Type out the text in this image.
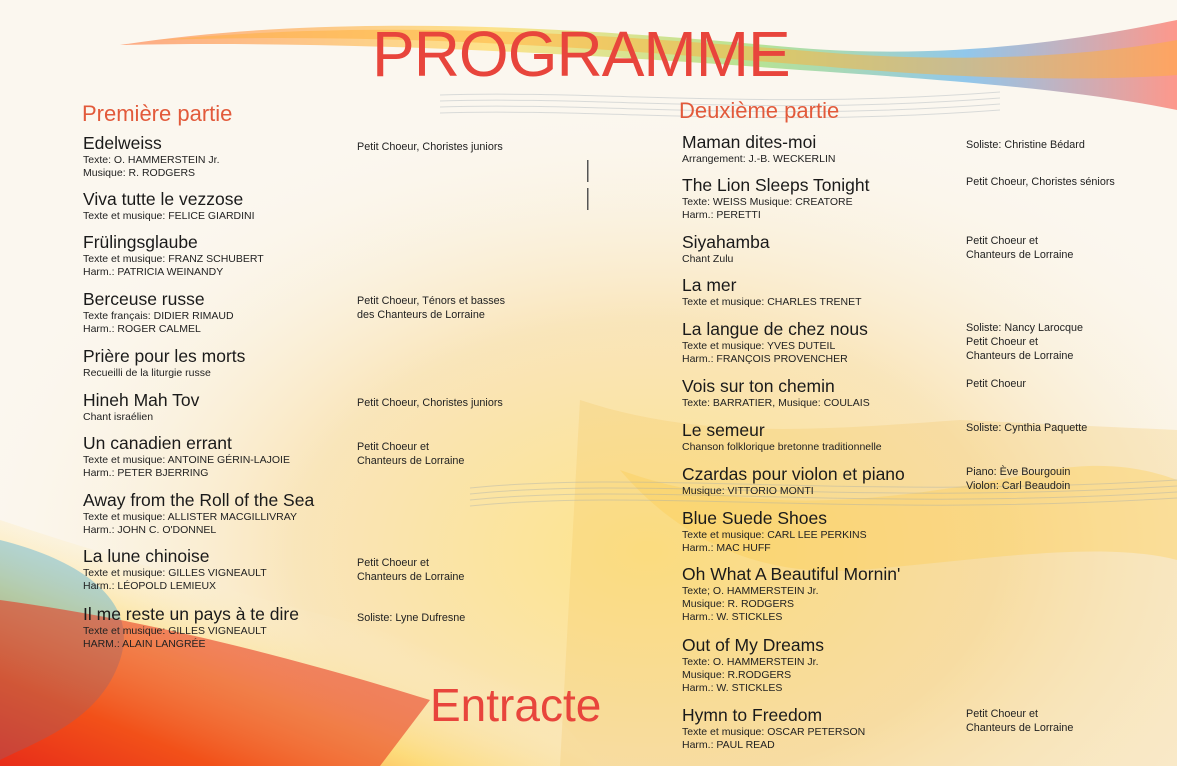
PROGRAMME
Entracte
Première partie	Deuxième partie
Edelweiss
Texte: O. HAMMERSTEIN Jr.
Musique: R. RODGERS
Petit Choeur, Choristes juniors
Viva tutte le vezzose
Texte et musique: FELICE GIARDINI
Frülingsglaube
Texte et musique: FRANZ SCHUBERT
Harm.: PATRICIA WEINANDY
Berceuse russe
Texte français: DIDIER RIMAUD
Harm.: ROGER CALMEL
Petit Choeur, Ténors et basses
des Chanteurs de Lorraine
Prière pour les morts
Recueilli de la liturgie russe
Hineh Mah Tov
Chant israélien
Petit Choeur, Choristes juniors
Un canadien errant
Texte et musique: ANTOINE GÉRIN-LAJOIE
Harm.: PETER BJERRING
Petit Choeur et
Chanteurs de Lorraine
Away from the Roll of the Sea
Texte et musique: ALLISTER MACGILLIVRAY
Harm.: JOHN C. O'DONNEL
La lune chinoise
Texte et musique: GILLES VIGNEAULT
Harm.: LÉOPOLD LEMIEUX
Petit Choeur et
Chanteurs de Lorraine
Il me reste un pays à te dire
Texte et musique: GILLES VIGNEAULT
HARM.: ALAIN LANGRÉE
Soliste: Lyne Dufresne
Maman dites-moi
Arrangement: J.-B. WECKERLIN
Soliste: Christine Bédard
The Lion Sleeps Tonight
Texte: WEISS Musique: CREATORE
Harm.: PERETTI
Petit Choeur, Choristes séniors
Siyahamba
Chant Zulu
Petit Choeur et
Chanteurs de Lorraine
La mer
Texte et musique: CHARLES TRENET
La langue de chez nous
Texte et musique: YVES DUTEIL
Harm.: FRANÇOIS PROVENCHER
Soliste: Nancy Larocque
Petit Choeur et
Chanteurs de Lorraine
Vois sur ton chemin
Texte: BARRATIER, Musique: COULAIS
Petit Choeur
Le semeur
Chanson folklorique bretonne traditionnelle
Soliste: Cynthia Paquette
Czardas pour violon et piano
Musique: VITTORIO MONTI
Piano: Ève Bourgouin
Violon: Carl Beaudoin
Blue Suede Shoes
Texte et musique: CARL LEE PERKINS
Harm.: MAC HUFF
Oh What A Beautiful Mornin'
Texte; O. HAMMERSTEIN Jr.
Musique: R. RODGERS
Harm.: W. STICKLES
Out of My Dreams
Texte: O. HAMMERSTEIN Jr.
Musique: R.RODGERS
Harm.: W. STICKLES
Hymn to Freedom
Texte et musique: OSCAR PETERSON
Harm.: PAUL READ
Petit Choeur et
Chanteurs de Lorraine
